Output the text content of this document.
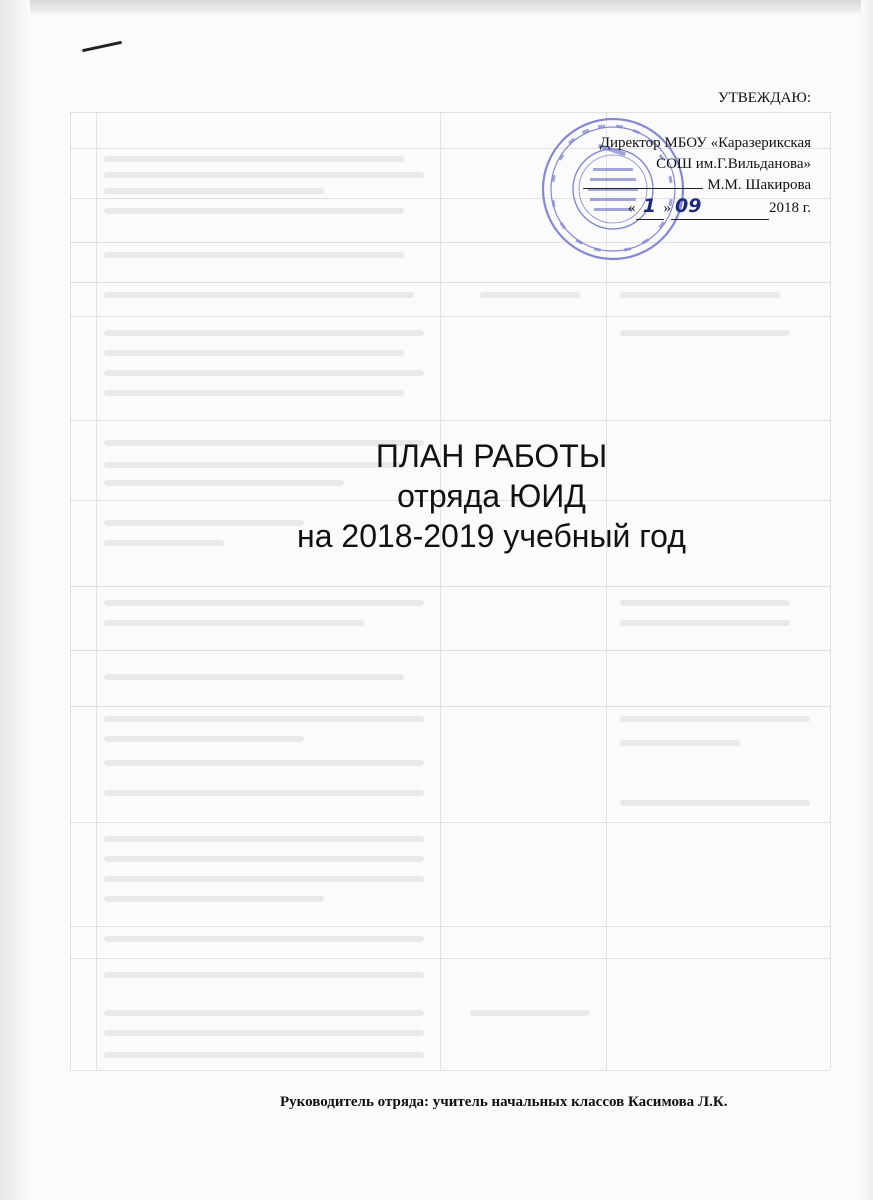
УТВЕЖДАЮ:
Директор МБОУ «Каразерикская
СОШ им.Г.Вильданова»
М.М. Шакирова
« 1 » 09	2018 г.
ПЛАН РАБОТЫ
отряда ЮИД
на 2018-2019 учебный год
Руководитель отряда: учитель начальных классов Касимова Л.К.
